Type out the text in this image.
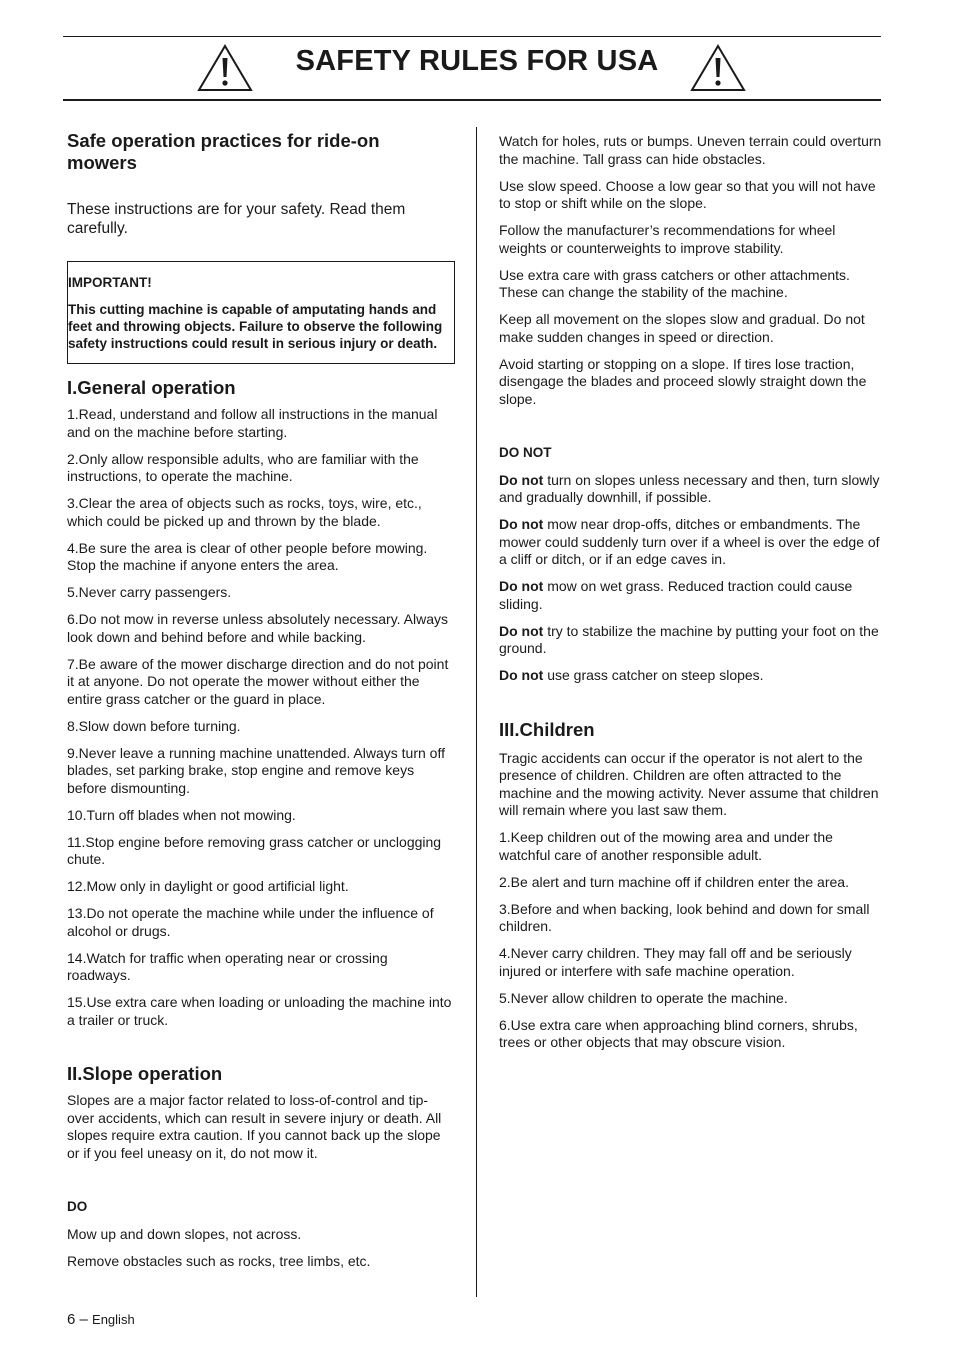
SAFETY RULES FOR USA
Safe operation practices for ride-on mowers

These instructions are for your safety. Read them carefully.

IMPORTANT!

This cutting machine is capable of amputating hands and feet and throwing objects. Failure to observe the following safety instructions could result in serious injury or death.

I.General operation

1.Read, understand and follow all instructions in the manual and on the machine before starting.

2.Only allow responsible adults, who are familiar with the instructions, to operate the machine.

3.Clear the area of objects such as rocks, toys, wire, etc., which could be picked up and thrown by the blade.

4.Be sure the area is clear of other people before mowing. Stop the machine if anyone enters the area.

5.Never carry passengers.

6.Do not mow in reverse unless absolutely necessary. Always look down and behind before and while backing.

7.Be aware of the mower discharge direction and do not point it at anyone. Do not operate the mower without either the entire grass catcher or the guard in place.

8.Slow down before turning.

9.Never leave a running machine unattended. Always turn off blades, set parking brake, stop engine and remove keys before dismounting.

10.Turn off blades when not mowing.

11.Stop engine before removing grass catcher or unclogging chute.

12.Mow only in daylight or good artificial light.

13.Do not operate the machine while under the influence of alcohol or drugs.

14.Watch for traffic when operating near or crossing roadways.

15.Use extra care when loading or unloading the machine into a trailer or truck.

II.Slope operation

Slopes are a major factor related to loss-of-control and tip-over accidents, which can result in severe injury or death. All slopes require extra caution. If you cannot back up the slope or if you feel uneasy on it, do not mow it.

DO

Mow up and down slopes, not across.

Remove obstacles such as rocks, tree limbs, etc.

Watch for holes, ruts or bumps. Uneven terrain could overturn the machine. Tall grass can hide obstacles.

Use slow speed. Choose a low gear so that you will not have to stop or shift while on the slope.

Follow the manufacturer’s recommendations for wheel weights or counterweights to improve stability.

Use extra care with grass catchers or other attachments. These can change the stability of the machine.

Keep all movement on the slopes slow and gradual. Do not make sudden changes in speed or direction.

Avoid starting or stopping on a slope. If tires lose traction, disengage the blades and proceed slowly straight down the slope.

DO NOT

Do not turn on slopes unless necessary and then, turn slowly and gradually downhill, if possible.

Do not mow near drop-offs, ditches or embandments. The mower could suddenly turn over if a wheel is over the edge of a cliff or ditch, or if an edge caves in.

Do not mow on wet grass. Reduced traction could cause sliding.

Do not try to stabilize the machine by putting your foot on the ground.

Do not use grass catcher on steep slopes.

III.Children

Tragic accidents can occur if the operator is not alert to the presence of children. Children are often attracted to the machine and the mowing activity. Never assume that children will remain where you last saw them.

1.Keep children out of the mowing area and under the watchful care of another responsible adult.

2.Be alert and turn machine off if children enter the area.

3.Before and when backing, look behind and down for small children.

4.Never carry children. They may fall off and be seriously injured or interfere with safe machine operation.

5.Never allow children to operate the machine.

6.Use extra care when approaching blind corners, shrubs, trees or other objects that may obscure vision.

6 – English
